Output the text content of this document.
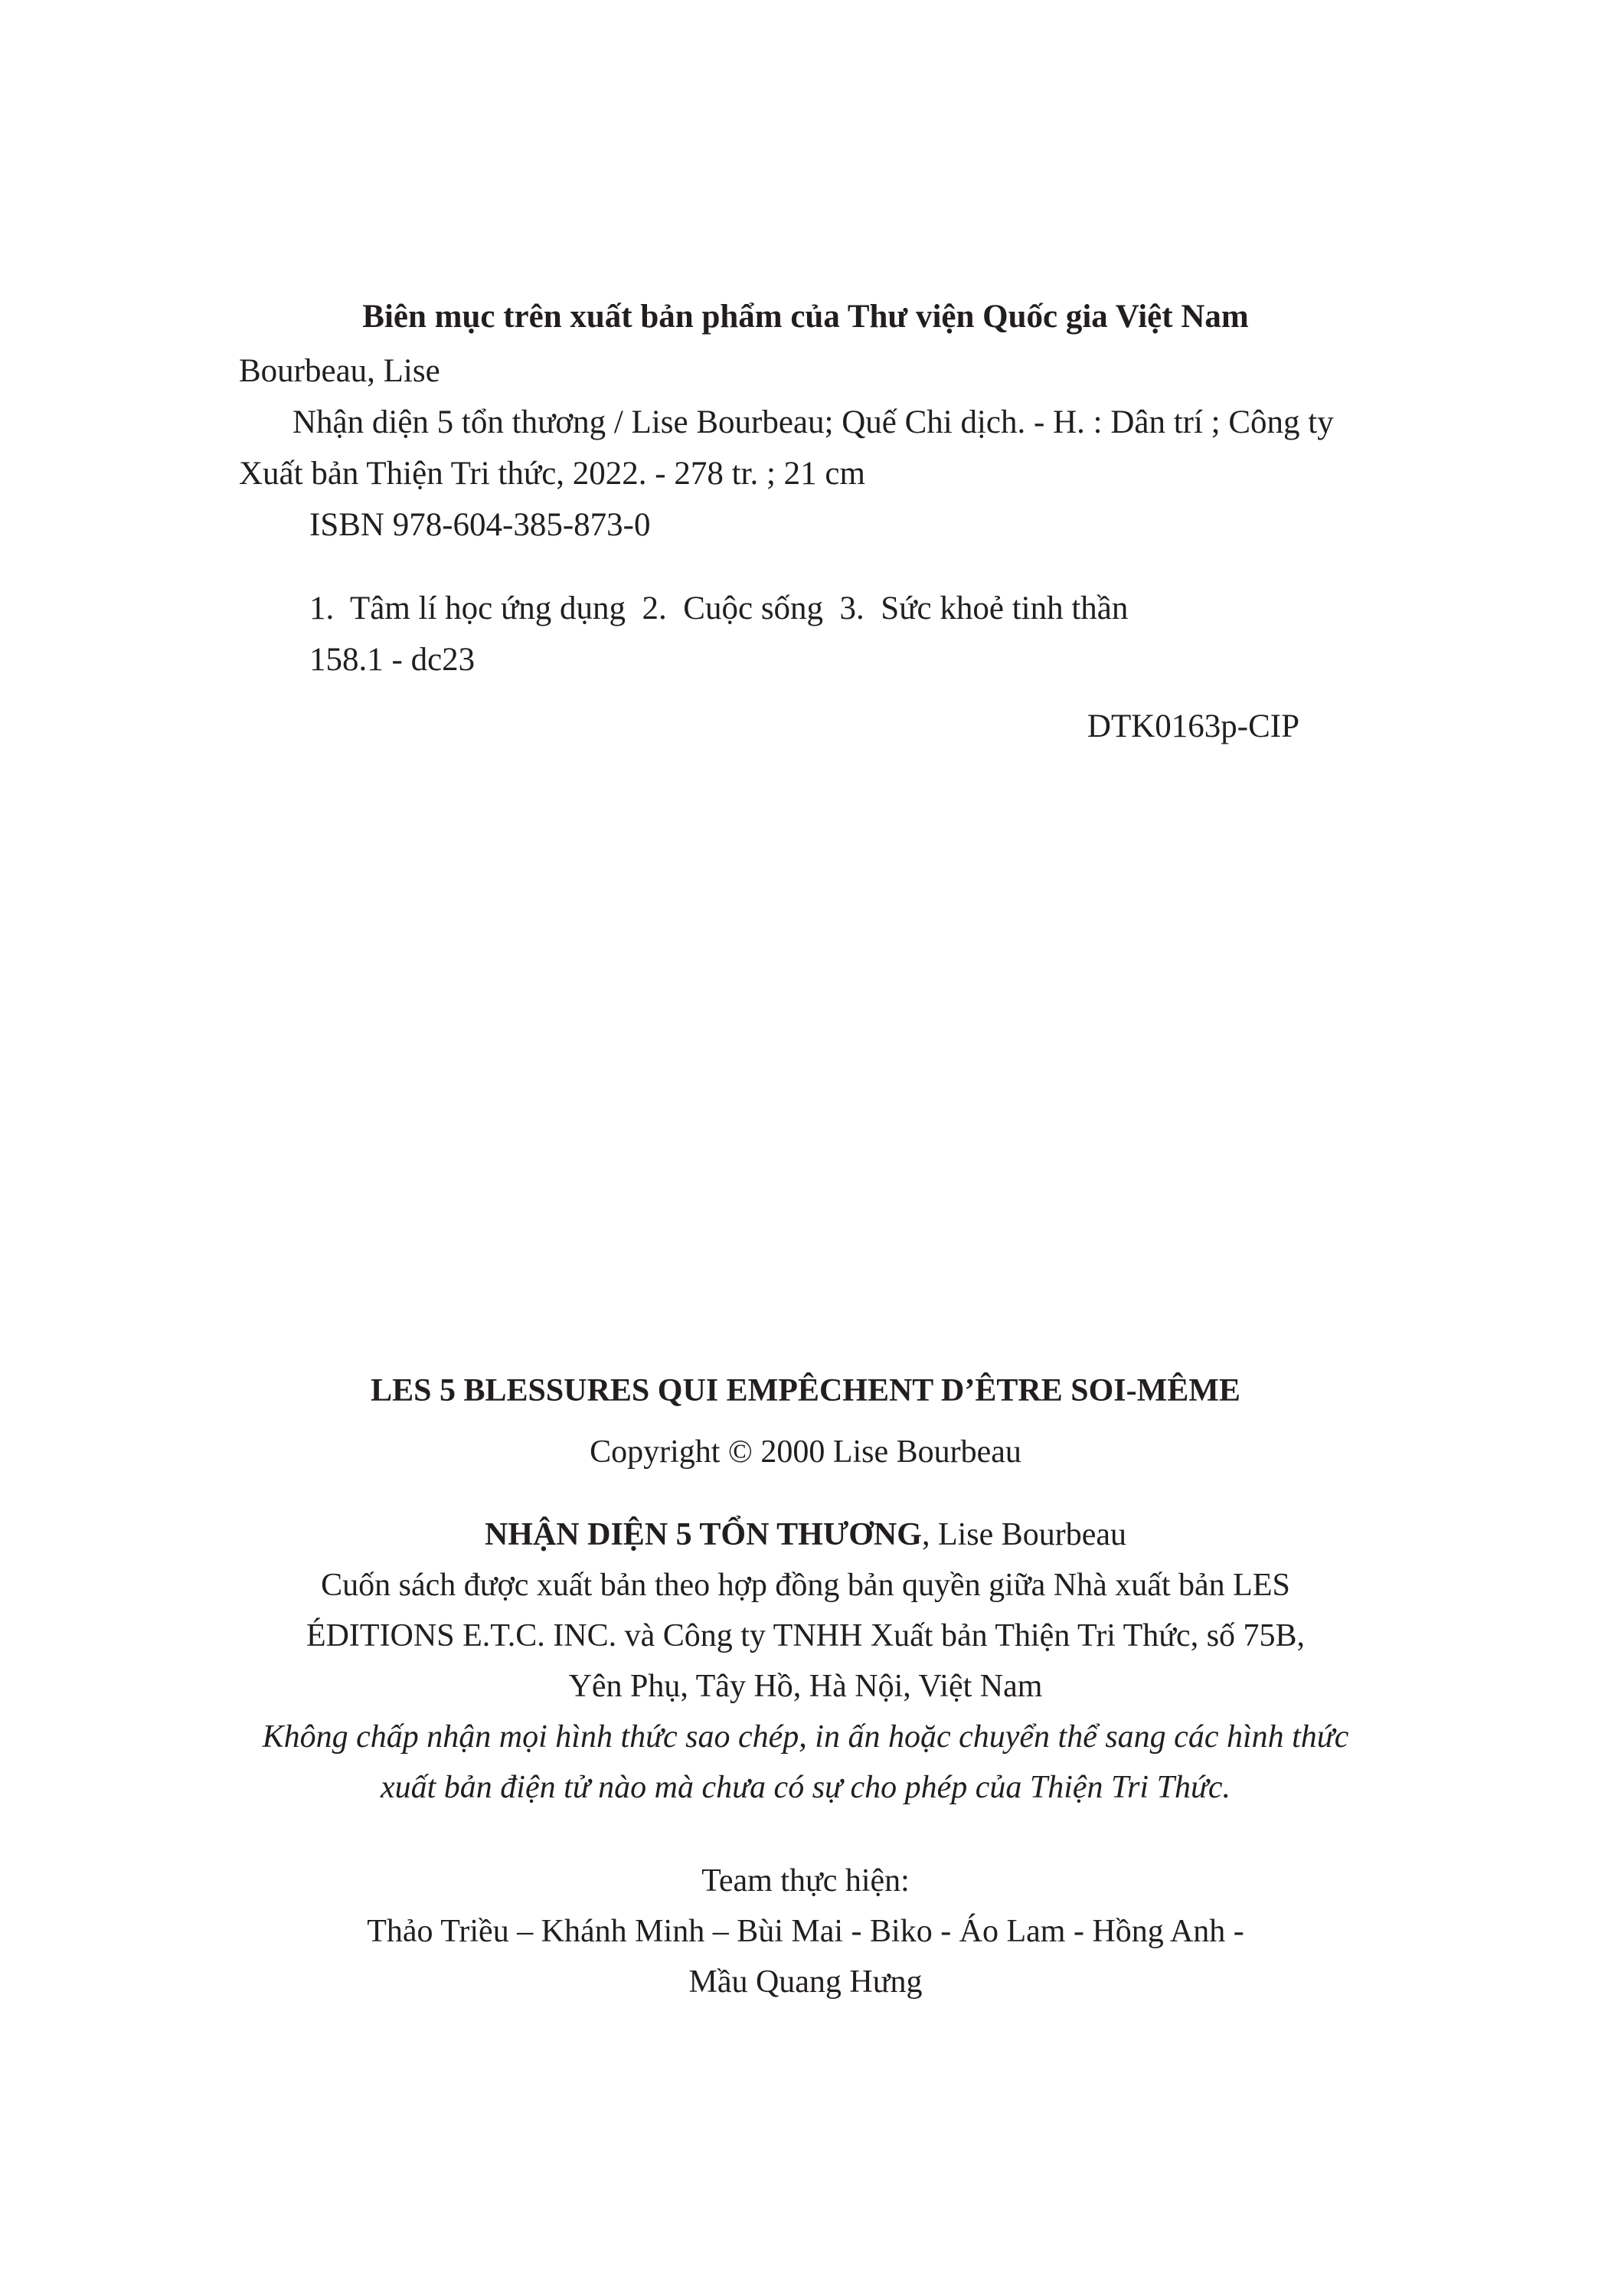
Biên mục trên xuất bản phẩm của Thư viện Quốc gia Việt Nam
Bourbeau, Lise
Nhận diện 5 tổn thương / Lise Bourbeau; Quế Chi dịch. - H. : Dân trí ; Công ty
Xuất bản Thiện Tri thức, 2022. - 278 tr. ; 21 cm
ISBN 978-604-385-873-0
1.  Tâm lí học ứng dụng  2.  Cuộc sống  3.  Sức khoẻ tinh thần
158.1 - dc23
DTK0163p-CIP
LES 5 BLESSURES QUI EMPÊCHENT D’ÊTRE SOI-MÊME
Copyright © 2000 Lise Bourbeau
NHẬN DIỆN 5 TỔN THƯƠNG, Lise Bourbeau
Cuốn sách được xuất bản theo hợp đồng bản quyền giữa Nhà xuất bản LES
ÉDITIONS E.T.C. INC. và Công ty TNHH Xuất bản Thiện Tri Thức, số 75B,
Yên Phụ, Tây Hồ, Hà Nội, Việt Nam
Không chấp nhận mọi hình thức sao chép, in ấn hoặc chuyển thể sang các hình thức
xuất bản điện tử nào mà chưa có sự cho phép của Thiện Tri Thức.
Team thực hiện:
Thảo Triều – Khánh Minh – Bùi Mai - Biko - Áo Lam - Hồng Anh -
Mầu Quang Hưng
